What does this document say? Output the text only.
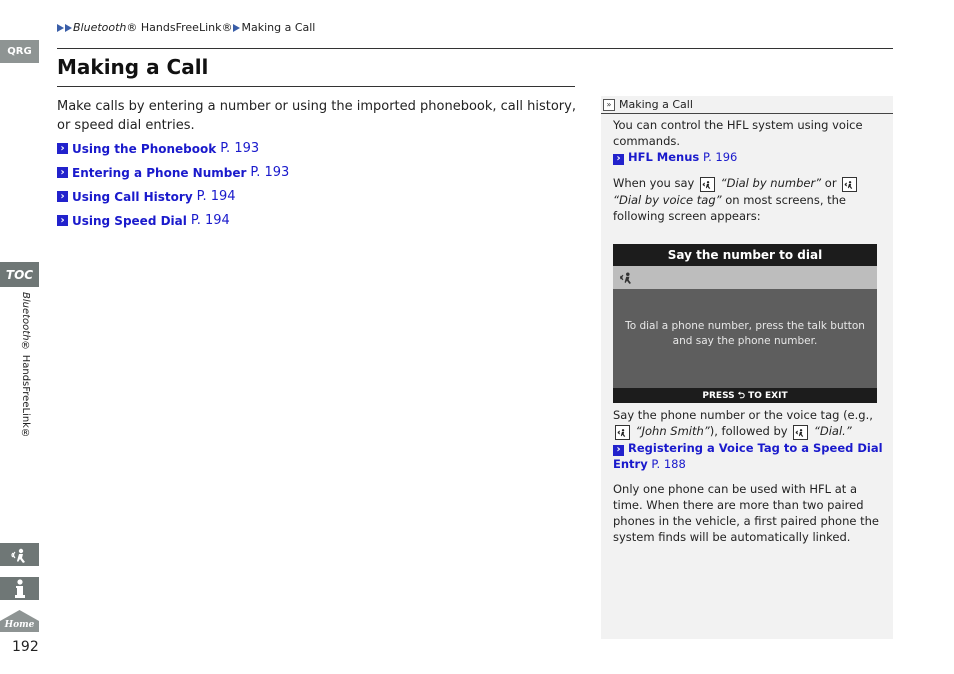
QRG
TOC
Bluetooth® HandsFreeLink®
Home
192
Bluetooth ® HandsFreeLink® Making a Call
Making a Call
Make calls by entering a number or using the imported phonebook, call history, or speed dial entries.
› Using the Phonebook P. 193
› Entering a Phone Number P. 193
› Using Call History P. 194
› Using Speed Dial P. 194
» Making a Call
You can control the HFL system using voice commands.
› HFL Menus P. 196
When you say “Dial by number” or
“Dial by voice tag” on most screens, the following screen appears:
Say the number to dial
To dial a phone number, press the talk button and say the phone number.
PRESS ⮌ TO EXIT
Say the phone number or the voice tag (e.g.,
“John Smith”), followed by “Dial.”
› Registering a Voice Tag to a Speed Dial Entry P. 188
Only one phone can be used with HFL at a time. When there are more than two paired phones in the vehicle, a first paired phone the system finds will be automatically linked.
